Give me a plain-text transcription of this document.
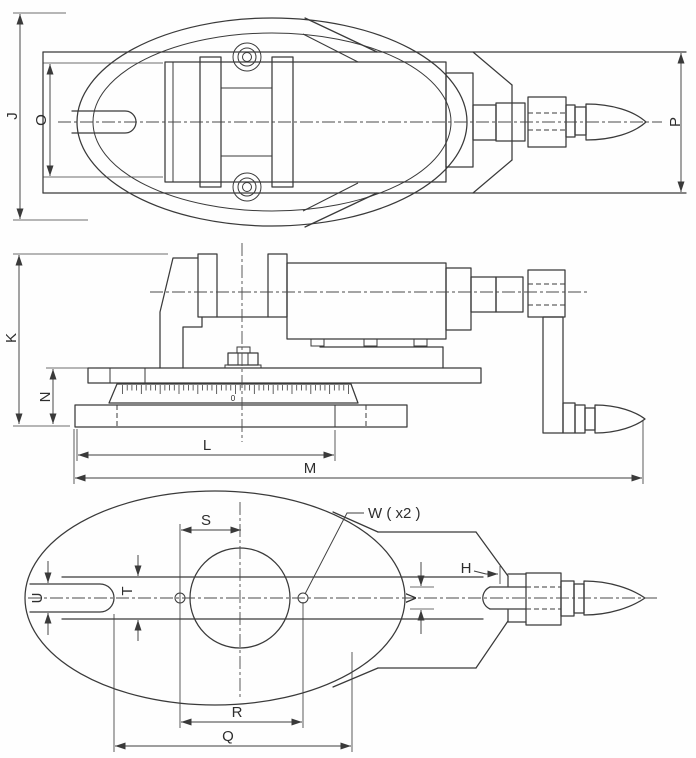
J O	P
0
K
N
L
M
S	W ( x2 )
H
U
T
V
R
Q
